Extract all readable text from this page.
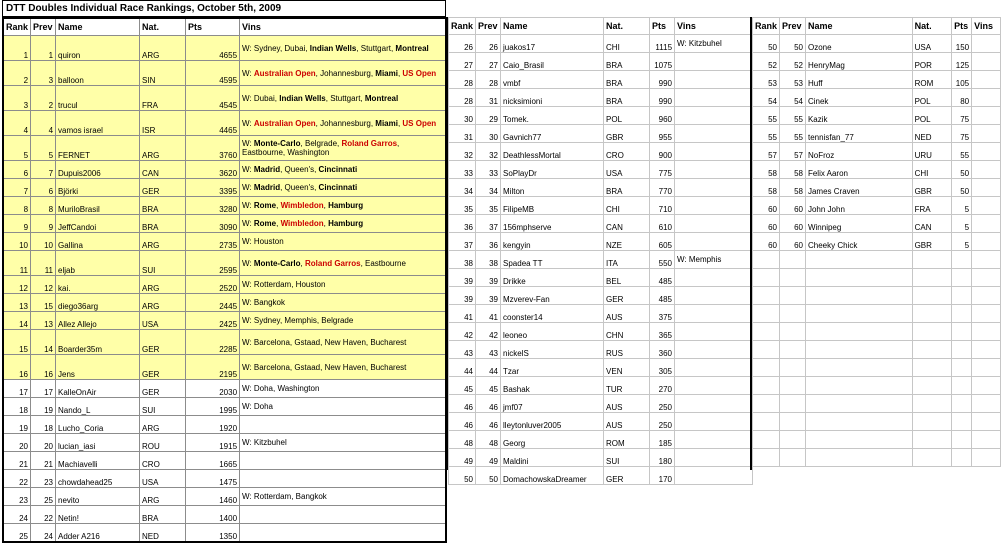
DTT Doubles Individual Race Rankings, October 5th, 2009
Rank	Prev	Name	Nat.	Pts	Vins
1	1	quiron	ARG	4655	W: Sydney, Dubai, Indian Wells, Stuttgart, Montreal
2	3	balloon	SIN	4595	W: Australian Open, Johannesburg, Miami, US Open
3	2	trucul	FRA	4545	W: Dubai, Indian Wells, Stuttgart, Montreal
4	4	vamos israel	ISR	4465	W: Australian Open, Johannesburg, Miami, US Open
5	5	FERNET	ARG	3760	W: Monte-Carlo, Belgrade, Roland Garros, Eastbourne, Washington
6	7	Dupuis2006	CAN	3620	W: Madrid, Queen's, Cincinnati
7	6	Björki	GER	3395	W: Madrid, Queen's, Cincinnati
8	8	MuriloBrasil	BRA	3280	W: Rome, Wimbledon, Hamburg
9	9	JeffCandoi	BRA	3090	W: Rome, Wimbledon, Hamburg
10	10	Gallina	ARG	2735	W: Houston
11	11	eljab	SUI	2595	W: Monte-Carlo, Roland Garros, Eastbourne
12	12	kai.	ARG	2520	W: Rotterdam, Houston
13	15	diego36arg	ARG	2445	W: Bangkok
14	13	Allez Allejo	USA	2425	W: Sydney, Memphis, Belgrade
15	14	Boarder35m	GER	2285	W: Barcelona, Gstaad, New Haven, Bucharest
16	16	Jens	GER	2195	W: Barcelona, Gstaad, New Haven, Bucharest
17	17	KalleOnAir	GER	2030	W: Doha, Washington
18	19	Nando_L	SUI	1995	W: Doha
19	18	Lucho_Coria	ARG	1920	
20	20	lucian_iasi	ROU	1915	W: Kitzbuhel
21	21	Machiavelli	CRO	1665	
22	23	chowdahead25	USA	1475	
23	25	nevito	ARG	1460	W: Rotterdam, Bangkok
24	22	Netin!	BRA	1400	
25	24	Adder A216	NED	1350	
Rank	Prev	Name	Nat.	Pts	Vins
26	26	juakos17	CHI	1115	W: Kitzbuhel
27	27	Caio_Brasil	BRA	1075	
28	28	vmbf	BRA	990	
28	31	nicksimioni	BRA	990	
30	29	Tomek.	POL	960	
31	30	Gavnich77	GBR	955	
32	32	DeathlessMortal	CRO	900	
33	33	SoPlayDr	USA	775	
34	34	Milton	BRA	770	
35	35	FilipeMB	CHI	710	
36	37	156mphserve	CAN	610	
37	36	kengyin	NZE	605	
38	38	Spadea TT	ITA	550	W: Memphis
39	39	Drikke	BEL	485	
39	39	Mzverev-Fan	GER	485	
41	41	coonster14	AUS	375	
42	42	leoneo	CHN	365	
43	43	nickelS	RUS	360	
44	44	Tzar	VEN	305	
45	45	Bashak	TUR	270	
46	46	jmf07	AUS	250	
46	46	lleytonluver2005	AUS	250	
48	48	Georg	ROM	185	
49	49	Maldini	SUI	180	
50	50	DomachowskaDreamer	GER	170	
Rank	Prev	Name	Nat.	Pts	Vins
50	50	Ozone	USA	150	
52	52	HenryMag	POR	125	
53	53	Huff	ROM	105	
54	54	Cinek	POL	80	
55	55	Kazik	POL	75	
55	55	tennisfan_77	NED	75	
57	57	NoFroz	URU	55	
58	58	Felix Aaron	CHI	50	
58	58	James Craven	GBR	50	
60	60	John John	FRA	5	
60	60	Winnipeg	CAN	5	
60	60	Cheeky Chick	GBR	5	
